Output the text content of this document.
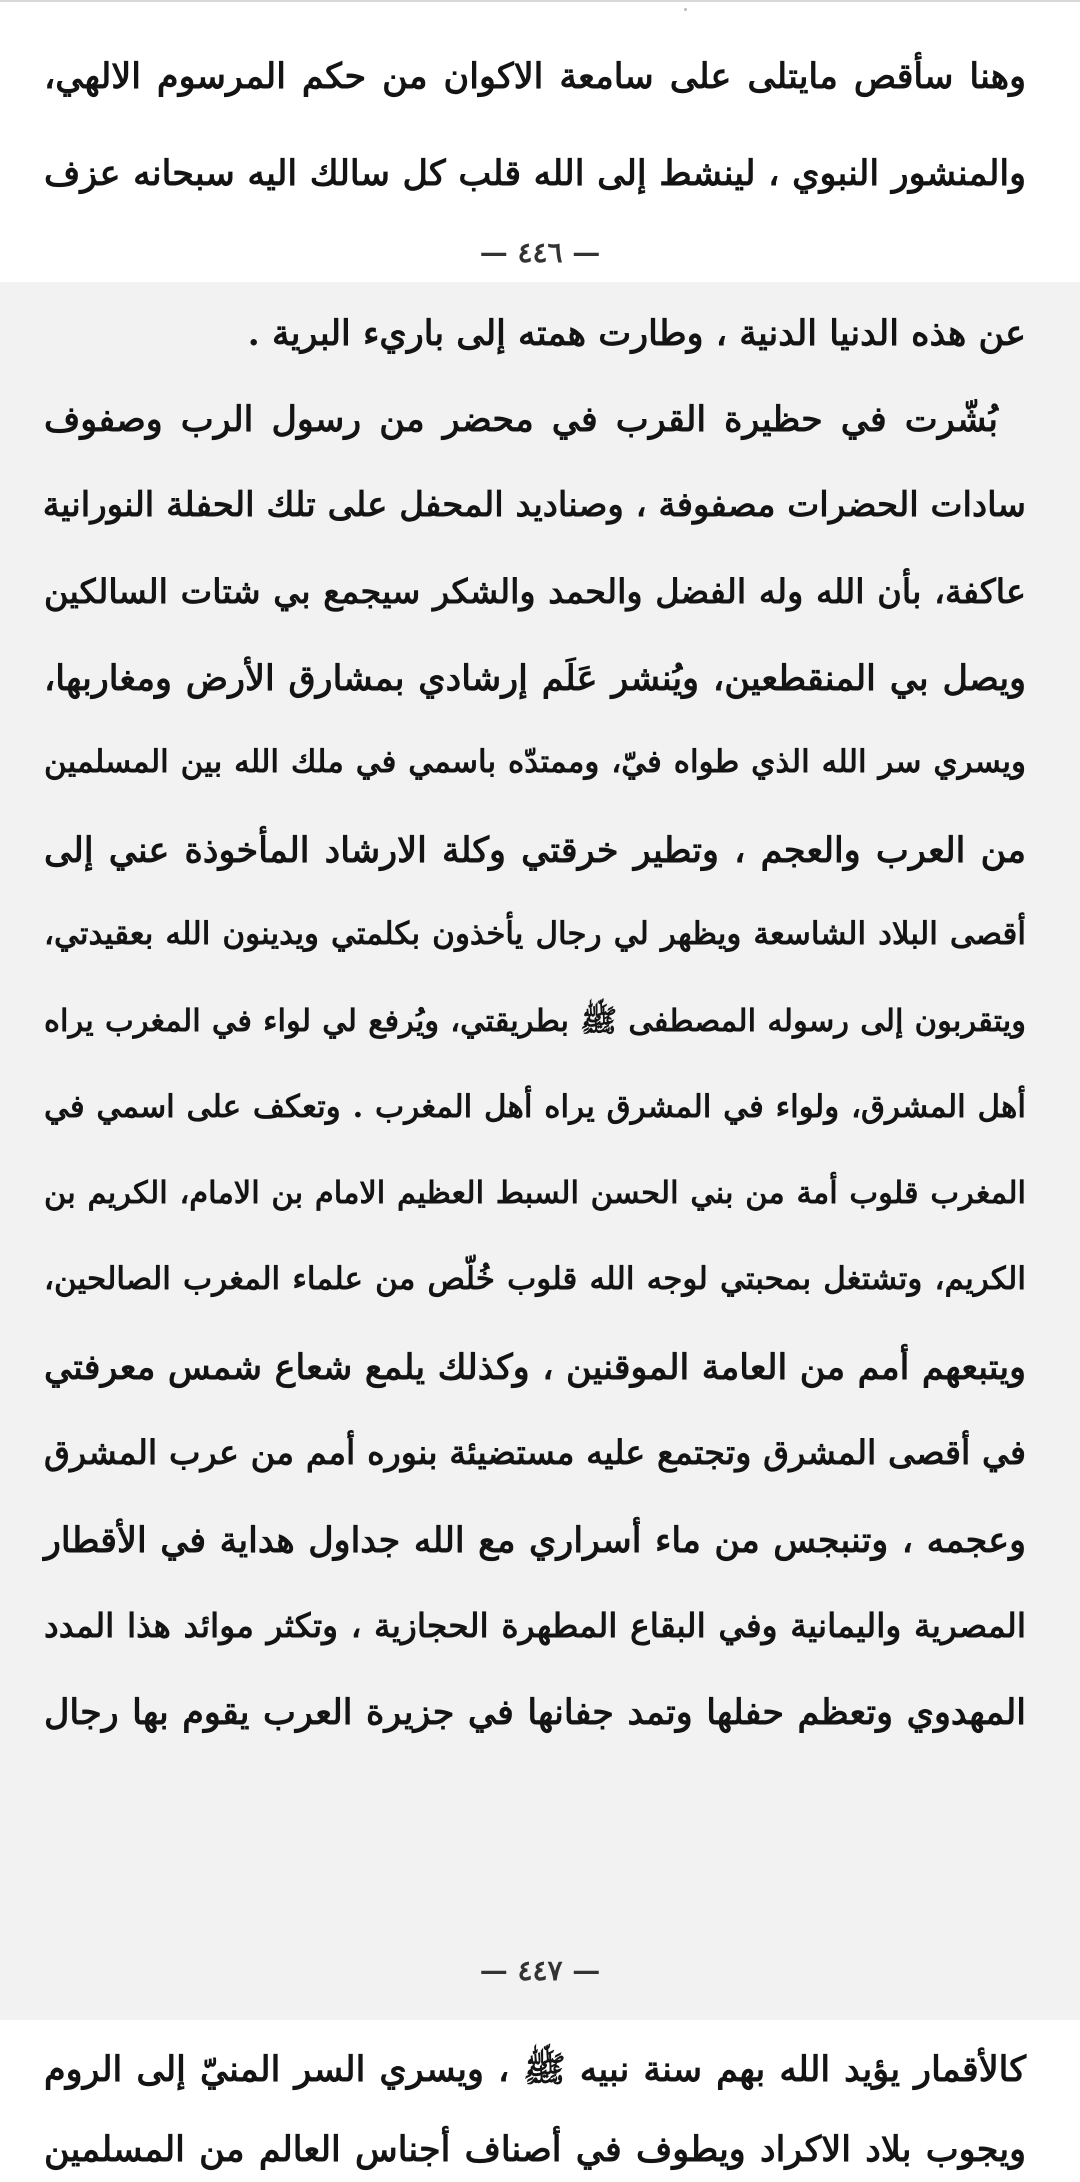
وهنا سأقص مايتلى على سامعة الاكوان من حكم المرسوم الالهي،

والمنشور النبوي ، لينشط إلى الله قلب كل سالك اليه سبحانه عزف

— ٤٤٦ —

عن هذه الدنيا الدنية ، وطارت همته إلى باريء البرية .

بُشّرت في حظيرة القرب في محضر من رسول الرب وصفوف

سادات الحضرات مصفوفة ، وصناديد المحفل على تلك الحفلة النورانية

عاكفة، بأن الله وله الفضل والحمد والشكر سيجمع بي شتات السالكين

ويصل بي المنقطعين، ويُنشر عَلَم إرشادي بمشارق الأرض ومغاربها،

ويسري سر الله الذي طواه فيّ، وممتدّه باسمي في ملك الله بين المسلمين

من العرب والعجم ، وتطير خرقتي وكلة الارشاد المأخوذة عني إلى

أقصى البلاد الشاسعة ويظهر لي رجال يأخذون بكلمتي ويدينون الله بعقيدتي،

ويتقربون إلى رسوله المصطفى ﷺ بطريقتي، ويُرفع لي لواء في المغرب يراه

أهل المشرق، ولواء في المشرق يراه أهل المغرب . وتعكف على اسمي في

المغرب قلوب أمة من بني الحسن السبط العظيم الامام بن الامام، الكريم بن

الكريم، وتشتغل بمحبتي لوجه الله قلوب خُلّص من علماء المغرب الصالحين،

ويتبعهم أمم من العامة الموقنين ، وكذلك يلمع شعاع شمس معرفتي

في أقصى المشرق وتجتمع عليه مستضيئة بنوره أمم من عرب المشرق

وعجمه ، وتنبجس من ماء أسراري مع الله جداول هداية في الأقطار

المصرية واليمانية وفي البقاع المطهرة الحجازية ، وتكثر موائد هذا المدد

المهدوي وتعظم حفلها وتمد جفانها في جزيرة العرب يقوم بها رجال

— ٤٤٧ —

كالأقمار يؤيد الله بهم سنة نبيه ﷺ ، ويسري السر المنيّ إلى الروم

ويجوب بلاد الاكراد ويطوف في أصناف أجناس العالم من المسلمين
